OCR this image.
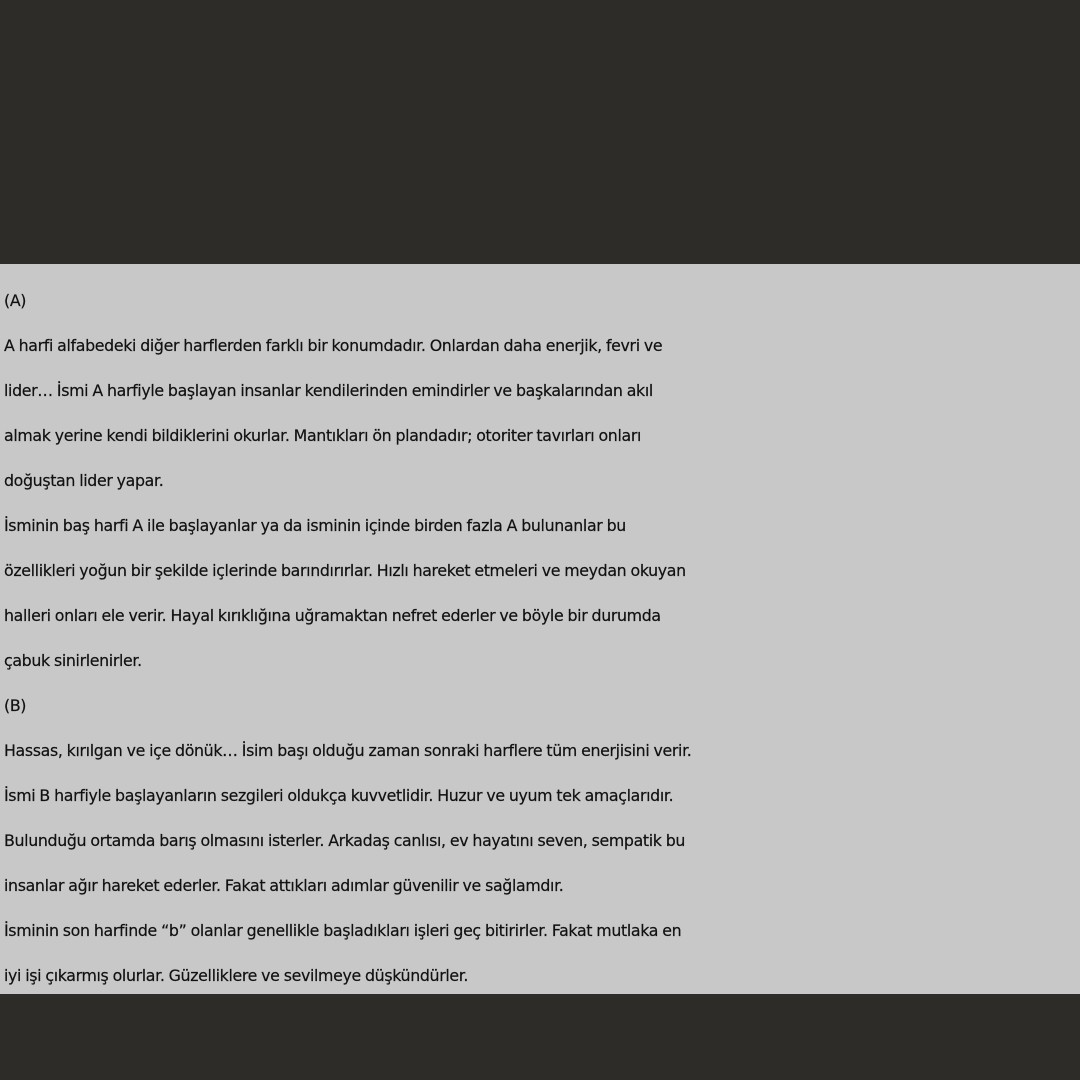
(A)
A harfi alfabedeki diğer harflerden farklı bir konumdadır. Onlardan daha enerjik, fevri ve
lider… İsmi A harfiyle başlayan insanlar kendilerinden emindirler ve başkalarından akıl
almak yerine kendi bildiklerini okurlar. Mantıkları ön plandadır; otoriter tavırları onları
doğuştan lider yapar.
İsminin baş harfi A ile başlayanlar ya da isminin içinde birden fazla A bulunanlar bu
özellikleri yoğun bir şekilde içlerinde barındırırlar. Hızlı hareket etmeleri ve meydan okuyan
halleri onları ele verir. Hayal kırıklığına uğramaktan nefret ederler ve böyle bir durumda
çabuk sinirlenirler.
(B)
Hassas, kırılgan ve içe dönük… İsim başı olduğu zaman sonraki harflere tüm enerjisini verir.
İsmi B harfiyle başlayanların sezgileri oldukça kuvvetlidir. Huzur ve uyum tek amaçlarıdır.
Bulunduğu ortamda barış olmasını isterler. Arkadaş canlısı, ev hayatını seven, sempatik bu
insanlar ağır hareket ederler. Fakat attıkları adımlar güvenilir ve sağlamdır.
İsminin son harfinde “b” olanlar genellikle başladıkları işleri geç bitirirler. Fakat mutlaka en
iyi işi çıkarmış olurlar. Güzelliklere ve sevilmeye düşkündürler.
